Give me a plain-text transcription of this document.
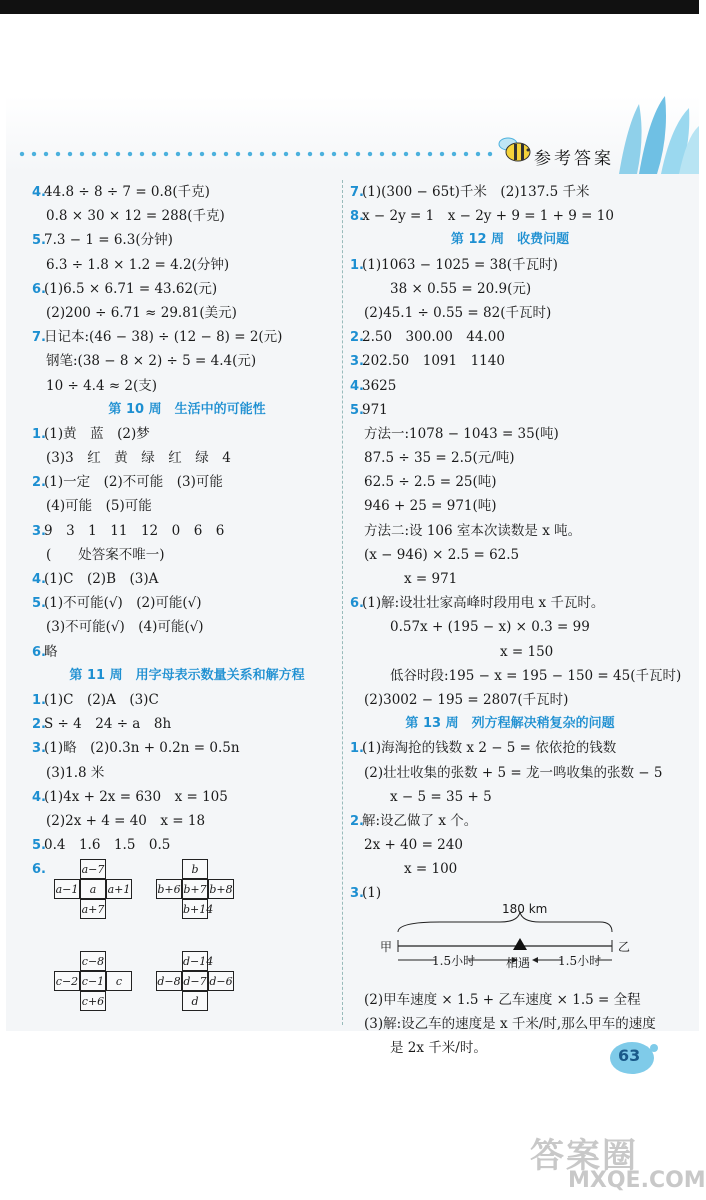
参考答案
4.44.8 ÷ 8 ÷ 7 = 0.8(千克)
0.8 × 30 × 12 = 288(千克)
5.7.3 − 1 = 6.3(分钟)
6.3 ÷ 1.8 × 1.2 = 4.2(分钟)
6.(1)6.5 × 6.71 = 43.62(元)
(2)200 ÷ 6.71 ≈ 29.81(美元)
7.日记本:(46 − 38) ÷ (12 − 8) = 2(元)
钢笔:(38 − 8 × 2) ÷ 5 = 4.4(元)
10 ÷ 4.4 ≈ 2(支)
第 10 周　生活中的可能性
1.(1)黄　蓝　(2)梦
(3)3　红　黄　绿　红　绿　4
2.(1)一定　(2)不可能　(3)可能
(4)可能　(5)可能
3.9　3　1　11　12　0　6　6
(　　处答案不唯一)
4.(1)C　(2)B　(3)A
5.(1)不可能(√)　(2)可能(√)
(3)不可能(√)　(4)可能(√)
6.略
第 11 周　用字母表示数量关系和解方程
1.(1)C　(2)A　(3)C
2.S ÷ 4　24 ÷ a　8h
3.(1)略　(2)0.3n + 0.2n = 0.5n
(3)1.8 米
4.(1)4x + 2x = 630　x = 105
(2)2x + 4 = 40　x = 18
5.0.4　1.6　1.5　0.5
6.	a−7
a−1	a	a+1
a+7
b
b+6 b+7 b+8
b+14
c−8
c−2 c−1	c
c+6
d−14
d−8 d−7 d−6
d
7.(1)(300 − 65t)千米　(2)137.5 千米
8.x − 2y = 1　x − 2y + 9 = 1 + 9 = 10
第 12 周　收费问题
1.(1)1063 − 1025 = 38(千瓦时)
38 × 0.55 = 20.9(元)
(2)45.1 ÷ 0.55 = 82(千瓦时)
2.2.50　300.00　44.00
3.202.50　1091　1140
4.3625
5.971
方法一:1078 − 1043 = 35(吨)
87.5 ÷ 35 = 2.5(元/吨)
62.5 ÷ 2.5 = 25(吨)
946 + 25 = 971(吨)
方法二:设 106 室本次读数是 x 吨。
(x − 946) × 2.5 = 62.5
x = 971
6.(1)解:设壮壮家高峰时段用电 x 千瓦时。
0.57x + (195 − x) × 0.3 = 99
x = 150
低谷时段:195 − x = 195 − 150 = 45(千瓦时)
(2)3002 − 195 = 2807(千瓦时)
第 13 周　列方程解决稍复杂的问题
1.(1)海淘抢的钱数 x 2 − 5 = 依依抢的钱数
(2)壮壮收集的张数 + 5 = 龙一鸣收集的张数 − 5
x − 5 = 35 + 5
2.解:设乙做了 x 个。
2x + 40 = 240
x = 100
3.(1)
180 km
甲	乙
相遇
1.5小时	1.5小时
(2)甲车速度 × 1.5 + 乙车速度 × 1.5 = 全程
(3)解:设乙车的速度是 x 千米/时,那么甲车的速度
是 2x 千米/时。	63
答案圈
MXQE.COM
